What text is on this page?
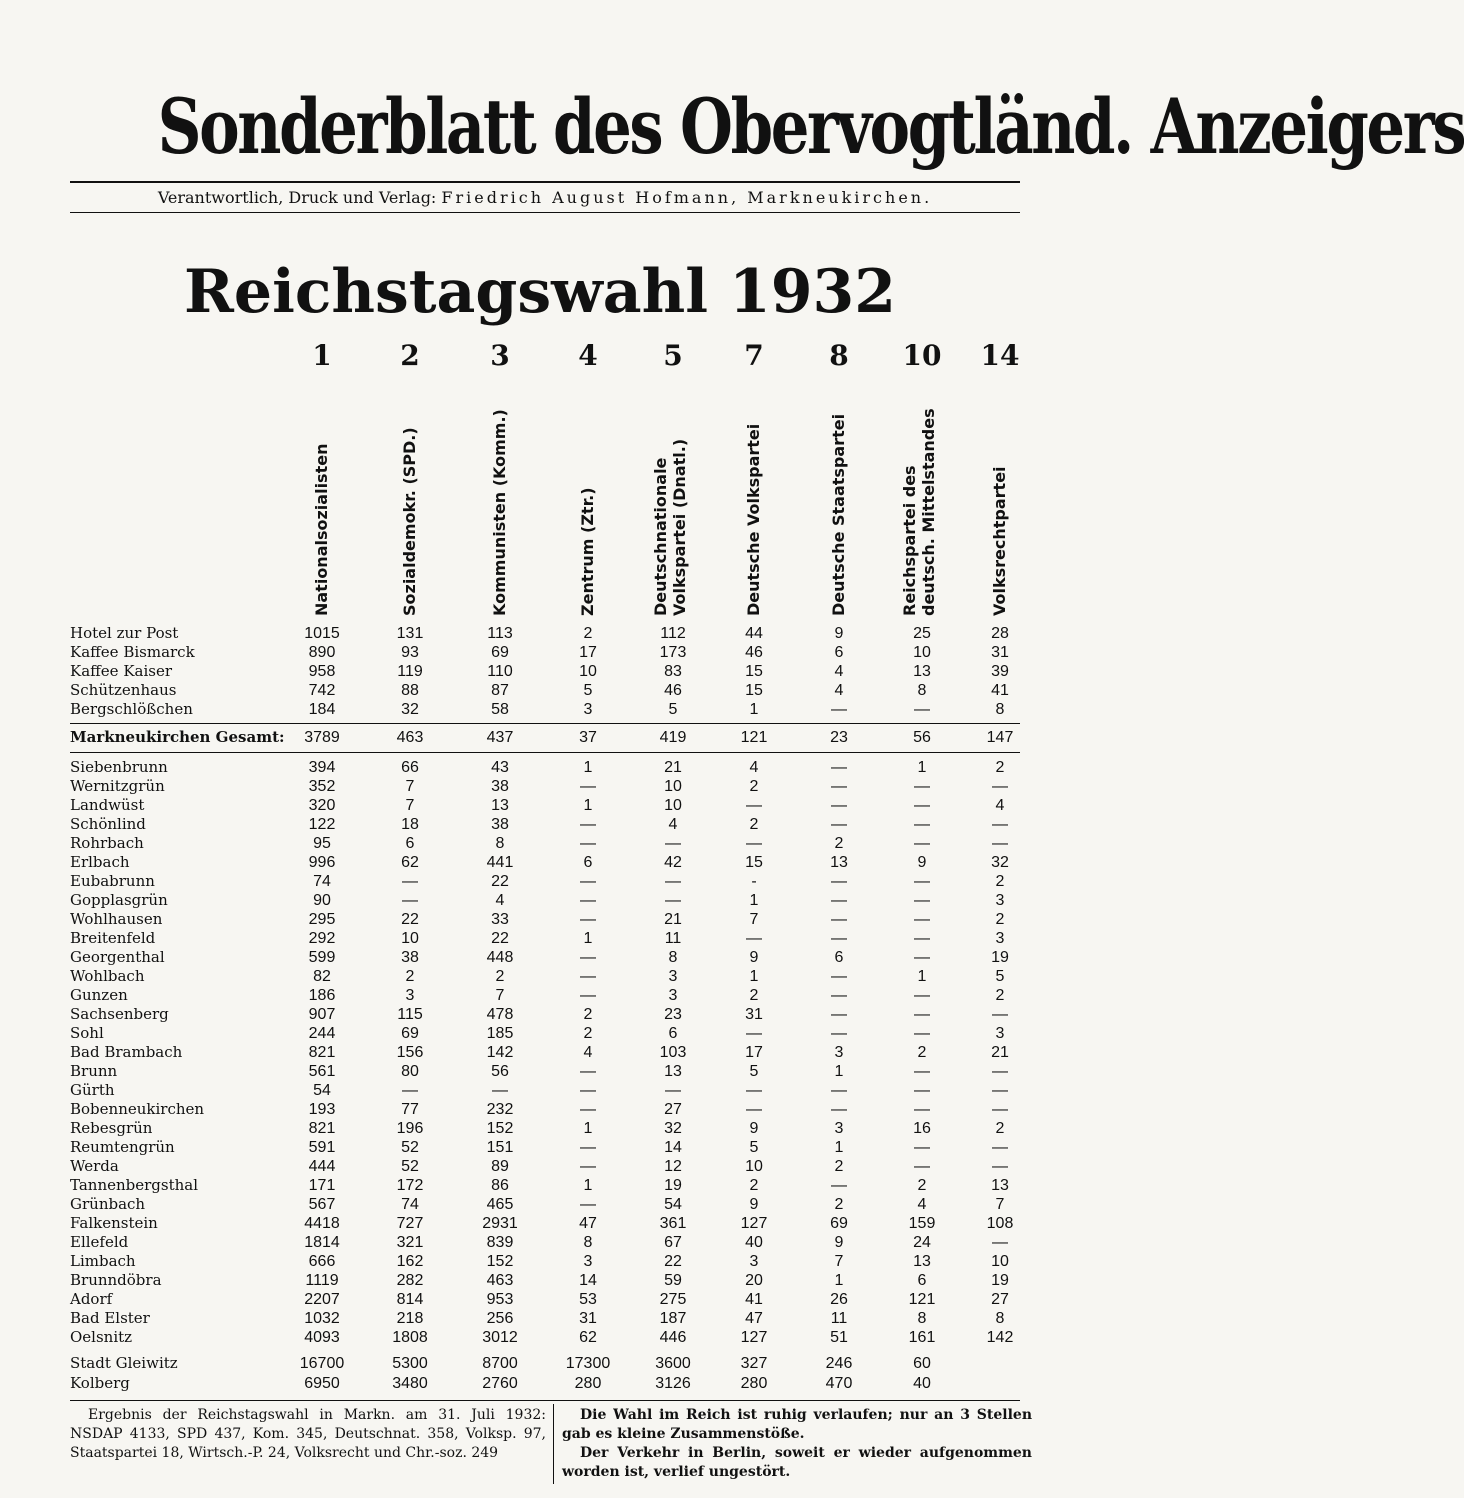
Sonderblatt des Obervogtländ. Anzeigers
Verantwortlich, Druck und Verlag: Friedrich August Hofmann, Markneukirchen.
Reichstagswahl 1932
1
Nationalsozialisten
2
Sozialdemokr. (SPD.)
3
Kommunisten (Komm.)
4
Zentrum (Ztr.)
5
Deutschnationale Volkspartei (Dnatl.)
7
Deutsche Volkspartei
8
Deutsche Staatspartei
10
Reichspartei des deutsch. Mittelstandes
14
Volksrechtpartei
Hotel zur Post	1015	131	113	2	112	44	9	25	28
Kaffee Bismarck	890	93	69	17	173	46	6	10	31
Kaffee Kaiser	958	119	110	10	83	15	4	13	39
Schützenhaus	742	88	87	5	46	15	4	8	41
Bergschlößchen	184	32	58	3	5	1	—	—	8
Markneukirchen Gesamt:	3789	463	437	37	419	121	23	56	147
Siebenbrunn	394	66	43	1	21	4	—	1	2
Wernitzgrün	352	7	38	—	10	2	—	—	—
Landwüst	320	7	13	1	10	—	—	—	4
Schönlind	122	18	38	—	4	2	—	—	—
Rohrbach	95	6	8	—	—	—	2	—	—
Erlbach	996	62	441	6	42	15	13	9	32
Eubabrunn	74	—	22	—	—	-	—	—	2
Gopplasgrün	90	—	4	—	—	1	—	—	3
Wohlhausen	295	22	33	—	21	7	—	—	2
Breitenfeld	292	10	22	1	11	—	—	—	3
Georgenthal	599	38	448	—	8	9	6	—	19
Wohlbach	82	2	2	—	3	1	—	1	5
Gunzen	186	3	7	—	3	2	—	—	2
Sachsenberg	907	115	478	2	23	31	—	—	—
Sohl	244	69	185	2	6	—	—	—	3
Bad Brambach	821	156	142	4	103	17	3	2	21
Brunn	561	80	56	—	13	5	1	—	—
Gürth	54	—	—	—	—	—	—	—	—
Bobenneukirchen	193	77	232	—	27	—	—	—	—
Rebesgrün	821	196	152	1	32	9	3	16	2
Reumtengrün	591	52	151	—	14	5	1	—	—
Werda	444	52	89	—	12	10	2	—	—
Tannenbergsthal	171	172	86	1	19	2	—	2	13
Grünbach	567	74	465	—	54	9	2	4	7
Falkenstein	4418	727	2931	47	361	127	69	159	108
Ellefeld	1814	321	839	8	67	40	9	24	—
Limbach	666	162	152	3	22	3	7	13	10
Brunndöbra	1119	282	463	14	59	20	1	6	19
Adorf	2207	814	953	53	275	41	26	121	27
Bad Elster	1032	218	256	31	187	47	11	8	8
Oelsnitz	4093	1808	3012	62	446	127	51	161	142
Stadt Gleiwitz	16700	5300	8700	17300	3600	327	246	60
Kolberg	6950	3480	2760	280	3126	280	470	40
Ergebnis der Reichstagswahl in Markn. am 31. Juli 1932: NSDAP 4133, SPD 437, Kom. 345, Deutschnat. 358, Volksp. 97, Staatspartei 18, Wirtsch.-P. 24, Volksrecht und Chr.-soz. 249

Die Wahl im Reich ist ruhig verlaufen; nur an 3 Stellen gab es kleine Zusammenstöße.

Der Verkehr in Berlin, soweit er wieder aufgenommen worden ist, verlief ungestört.
